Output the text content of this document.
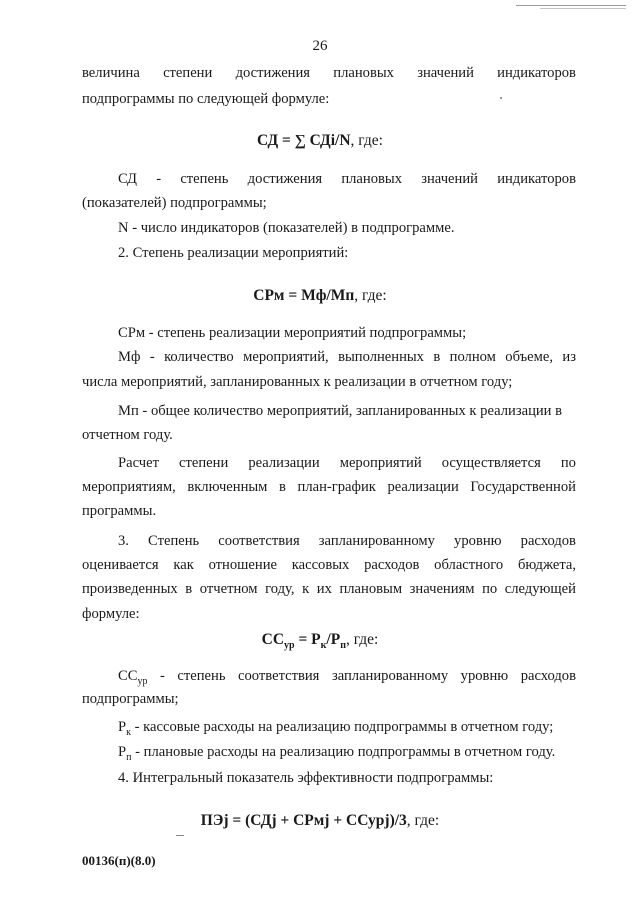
26
величина степени достижения плановых значений индикаторов
подпрограммы по следующей формуле:
СД = ∑ СДi/N, где:
СД - степень достижения плановых значений индикаторов
(показателей) подпрограммы;
N - число индикаторов (показателей) в подпрограмме.
2. Степень реализации мероприятий:
СРм = Мф/Мп, где:
СРм - степень реализации мероприятий подпрограммы;
Мф - количество мероприятий, выполненных в полном объеме, из
числа мероприятий, запланированных к реализации в отчетном году;
Мп - общее количество мероприятий, запланированных к реализации в
отчетном году.
Расчет степени реализации мероприятий осуществляется по
мероприятиям, включенным в план-график реализации Государственной
программы.
3. Степень соответствия запланированному уровню расходов
оценивается как отношение кассовых расходов областного бюджета,
произведенных в отчетном году, к их плановым значениям по следующей
формуле:
$СС_{ур} = Р_к/Р_п$, где:
$СС_{ур}$ - степень соответствия запланированному уровню расходов
подпрограммы;
$Р_к$ - кассовые расходы на реализацию подпрограммы в отчетном году;
$Р_п$ - плановые расходы на реализацию подпрограммы в отчетном году.
4. Интегральный показатель эффективности подпрограммы:
ПЭj = (СДj + СРмj + ССурj)/3, где:
00136(п)(8.0)
